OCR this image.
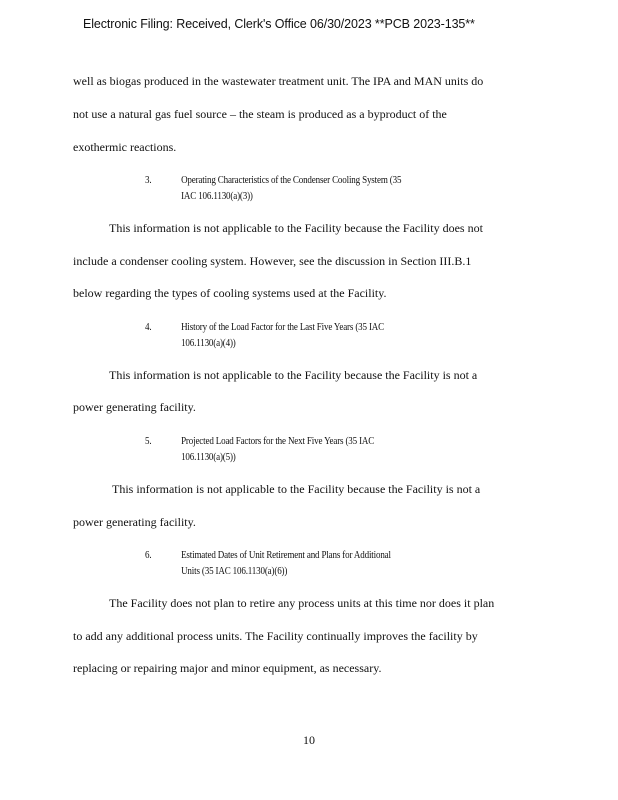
Electronic Filing: Received, Clerk's Office 06/30/2023 **PCB 2023-135**
well as biogas produced in the wastewater treatment unit. The IPA and MAN units do
not use a natural gas fuel source – the steam is produced as a byproduct of the
exothermic reactions.
3.	Operating Characteristics of the Condenser Cooling System (35
IAC 106.1130(a)(3))
This information is not applicable to the Facility because the Facility does not
include a condenser cooling system. However, see the discussion in Section III.B.1
below regarding the types of cooling systems used at the Facility.
4.	History of the Load Factor for the Last Five Years (35 IAC
106.1130(a)(4))
This information is not applicable to the Facility because the Facility is not a
power generating facility.
5.	Projected Load Factors for the Next Five Years (35 IAC
106.1130(a)(5))
This information is not applicable to the Facility because the Facility is not a
power generating facility.
6.	Estimated Dates of Unit Retirement and Plans for Additional
Units (35 IAC 106.1130(a)(6))
The Facility does not plan to retire any process units at this time nor does it plan
to add any additional process units. The Facility continually improves the facility by
replacing or repairing major and minor equipment, as necessary.
10
